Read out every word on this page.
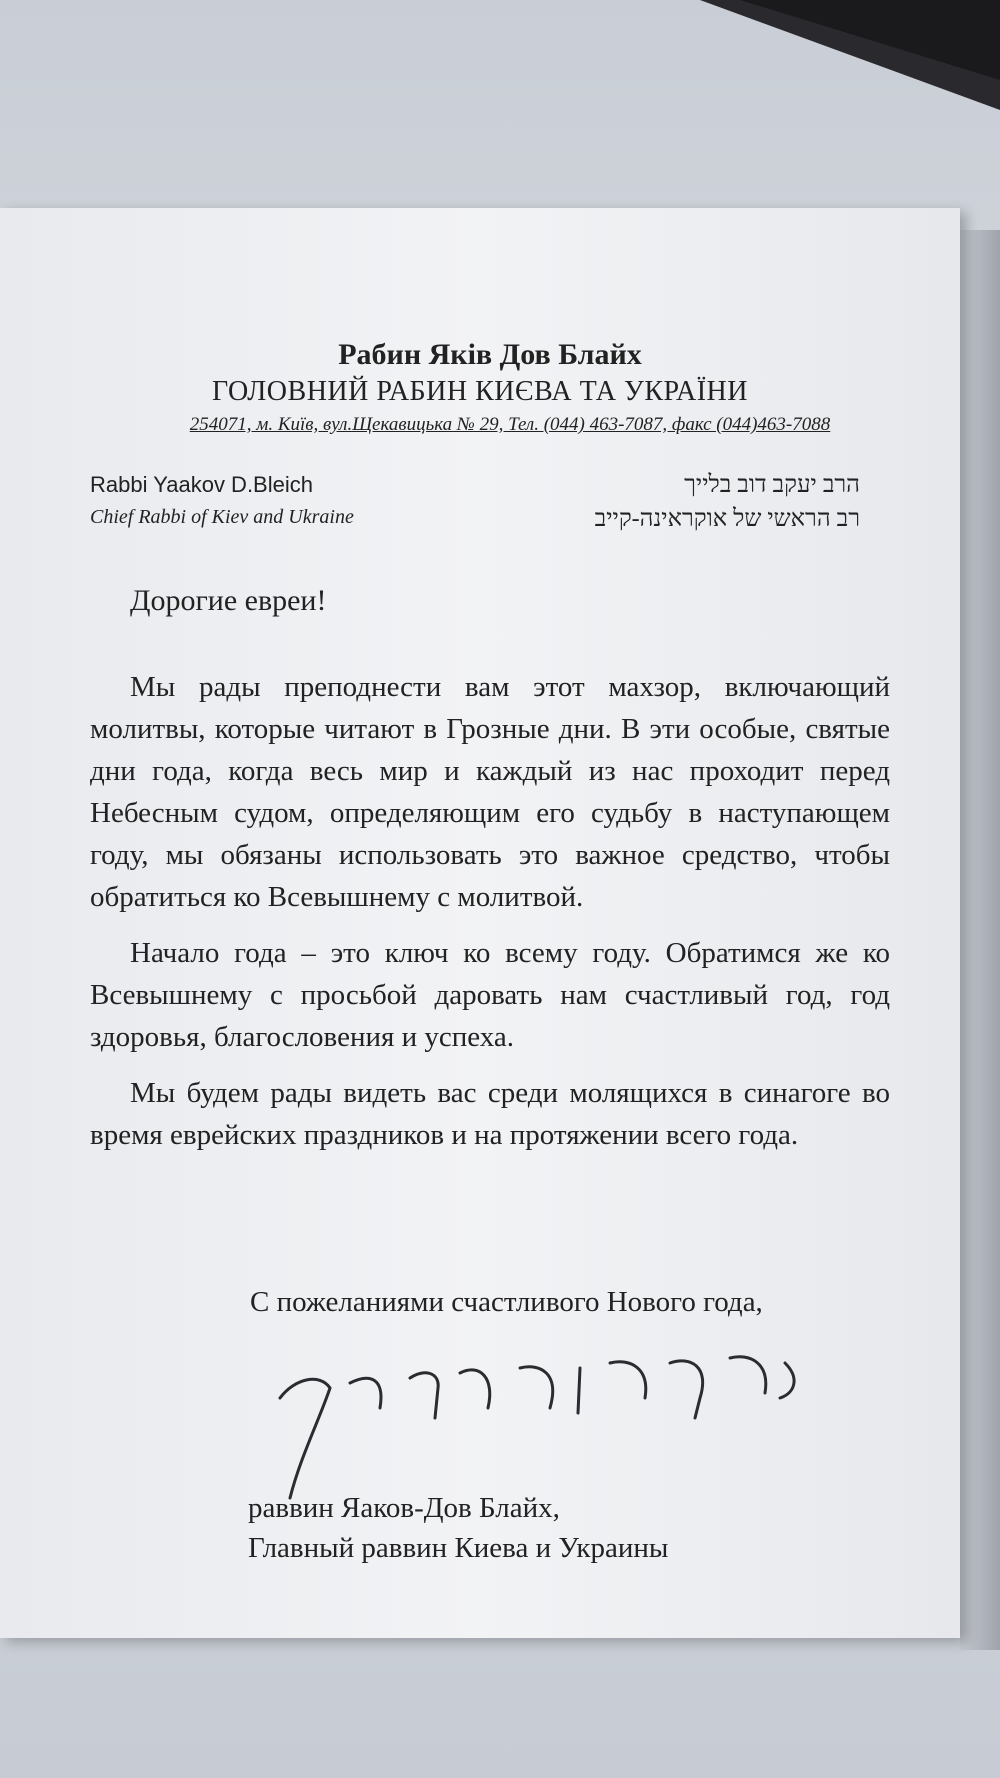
Рабин Яків Дов Блайх
ГОЛОВНИЙ РАБИН КИЄВА ТА УКРАЇНИ
254071, м. Київ, вул.Щекавицька № 29, Тел. (044) 463-7087, факс (044)463-7088
Rabbi Yaakov D.Bleich
Chief Rabbi of Kiev and Ukraine
הרב יעקב דוב בלייך
רב הראשי של אוקראינה-קייב
Дорогие евреи!

Мы рады преподнести вам этот махзор, включающий молитвы, которые читают в Грозные дни. В эти особые, святые дни года, когда весь мир и каждый из нас проходит перед Небесным судом, определяющим его судьбу в наступающем году, мы обязаны использовать это важное средство, чтобы обратиться ко Всевышнему с молитвой.

Начало года – это ключ ко всему году. Обратимся же ко Всевышнему с просьбой даровать нам счастливый год, год здоровья, благословения и успеха.

Мы будем рады видеть вас среди молящихся в синагоге во время еврейских праздников и на протяжении всего года.

С пожеланиями счастливого Нового года,
раввин Яаков-Дов Блайх,
Главный раввин Киева и Украины
